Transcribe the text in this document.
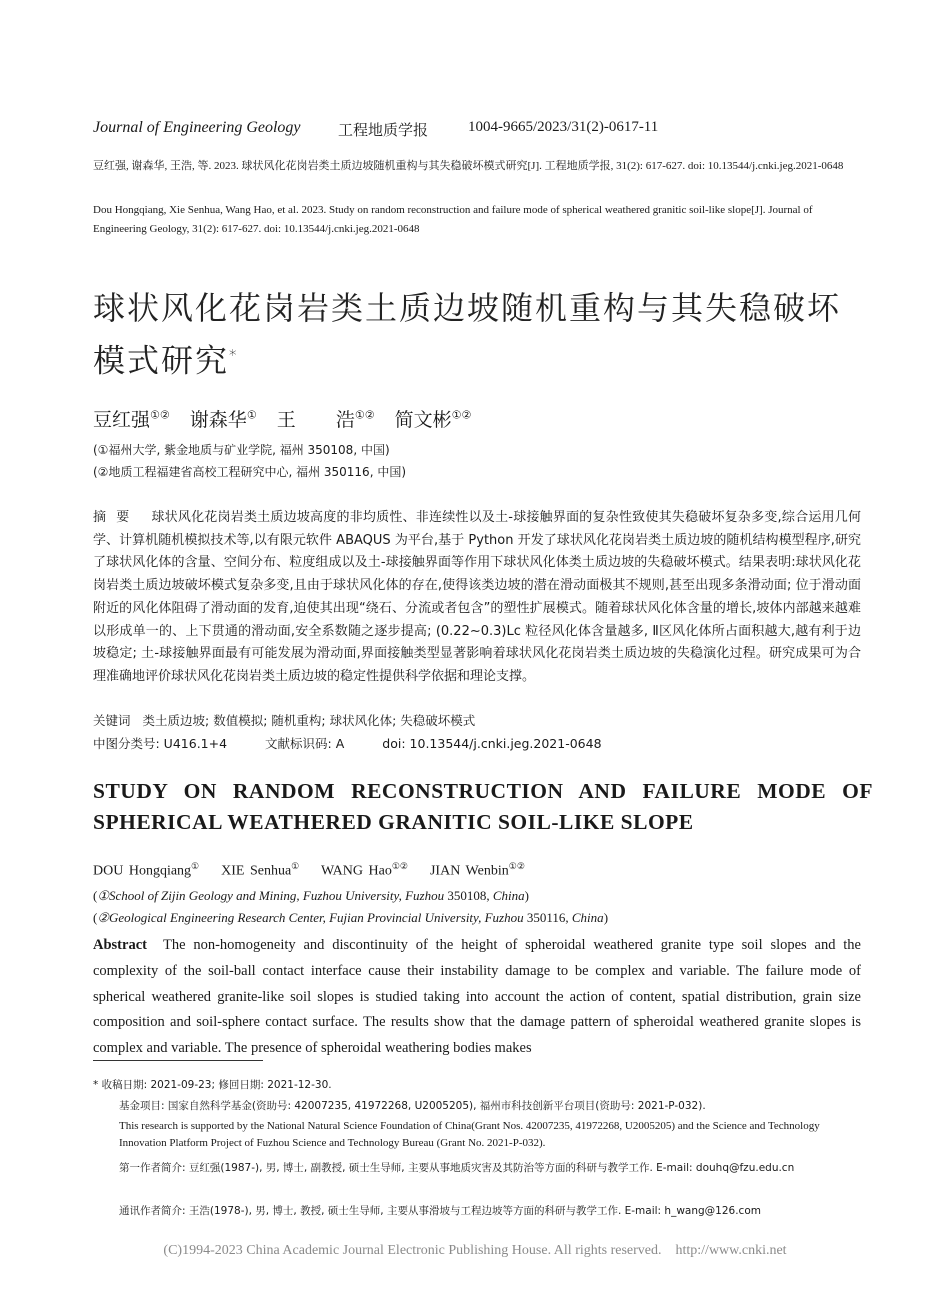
Journal of Engineering Geology 工程地质学报	1004-9665/2023/31(2)-0617-11
豆红强, 谢森华, 王浩, 等. 2023. 球状风化花岗岩类土质边坡随机重构与其失稳破坏模式研究[J]. 工程地质学报, 31(2): 617-627. doi: 10.13544/j.cnki.jeg.2021-0648
Dou Hongqiang, Xie Senhua, Wang Hao, et al. 2023. Study on random reconstruction and failure mode of spherical weathered granitic soil-like slope[J]. Journal of Engineering Geology, 31(2): 617-627. doi: 10.13544/j.cnki.jeg.2021-0648
球状风化花岗岩类土质边坡随机重构与其失稳破坏模式研究*
豆红强①② 谢森华① 王  浩①② 简文彬①②
(①福州大学, 紫金地质与矿业学院, 福州 350108, 中国)
(②地质工程福建省高校工程研究中心, 福州 350116, 中国)
摘要 球状风化花岗岩类土质边坡高度的非均质性、非连续性以及土-球接触界面的复杂性致使其失稳破坏复杂多变,综合运用几何学、计算机随机模拟技术等,以有限元软件 ABAQUS 为平台,基于 Python 开发了球状风化花岗岩类土质边坡的随机结构模型程序,研究了球状风化体的含量、空间分布、粒度组成以及土-球接触界面等作用下球状风化体类土质边坡的失稳破坏模式。结果表明:球状风化花岗岩类土质边坡破坏模式复杂多变,且由于球状风化体的存在,使得该类边坡的潜在滑动面极其不规则,甚至出现多条滑动面; 位于滑动面附近的风化体阻碍了滑动面的发育,迫使其出现“绕石、分流或者包含”的塑性扩展模式。随着球状风化体含量的增长,坡体内部越来越难以形成单一的、上下贯通的滑动面,安全系数随之逐步提高; (0.22~0.3)Lc 粒径风化体含量越多, Ⅱ区风化体所占面积越大,越有利于边坡稳定; 土-球接触界面最有可能发展为滑动面,界面接触类型显著影响着球状风化花岗岩类土质边坡的失稳演化过程。研究成果可为合理准确地评价球状风化花岗岩类土质边坡的稳定性提供科学依据和理论支撑。
关键词 类土质边坡; 数值模拟; 随机重构; 球状风化体; 失稳破坏模式
中图分类号: U416.1+4	文献标识码: A	doi: 10.13544/j.cnki.jeg.2021-0648
STUDY ON RANDOM RECONSTRUCTION AND FAILURE MODE OF SPHERICAL WEATHERED GRANITIC SOIL-LIKE SLOPE
DOU Hongqiang① XIE Senhua① WANG Hao①② JIAN Wenbin①②
(①School of Zijin Geology and Mining, Fuzhou University, Fuzhou 350108, China)
(②Geological Engineering Research Center, Fujian Provincial University, Fuzhou 350116, China)
Abstract The non-homogeneity and discontinuity of the height of spheroidal weathered granite type soil slopes and the complexity of the soil-ball contact interface cause their instability damage to be complex and variable. The failure mode of spherical weathered granite-like soil slopes is studied taking into account the action of content, spatial distribution, grain size composition and soil-sphere contact surface. The results show that the damage pattern of spheroidal weathered granite slopes is complex and variable. The presence of spheroidal weathering bodies makes
* 收稿日期: 2021-09-23; 修回日期: 2021-12-30.
基金项目: 国家自然科学基金(资助号: 42007235, 41972268, U2005205), 福州市科技创新平台项目(资助号: 2021-P-032).
This research is supported by the National Natural Science Foundation of China(Grant Nos. 42007235, 41972268, U2005205) and the Science and Technology Innovation Platform Project of Fuzhou Science and Technology Bureau (Grant No. 2021-P-032).
第一作者简介: 豆红强(1987-), 男, 博士, 副教授, 硕士生导师, 主要从事地质灾害及其防治等方面的科研与教学工作. E-mail: douhq@fzu.edu.cn
通讯作者简介: 王浩(1978-), 男, 博士, 教授, 硕士生导师, 主要从事滑坡与工程边坡等方面的科研与教学工作. E-mail: h_wang@126.com
(C)1994-2023 China Academic Journal Electronic Publishing House. All rights reserved.    http://www.cnki.net
